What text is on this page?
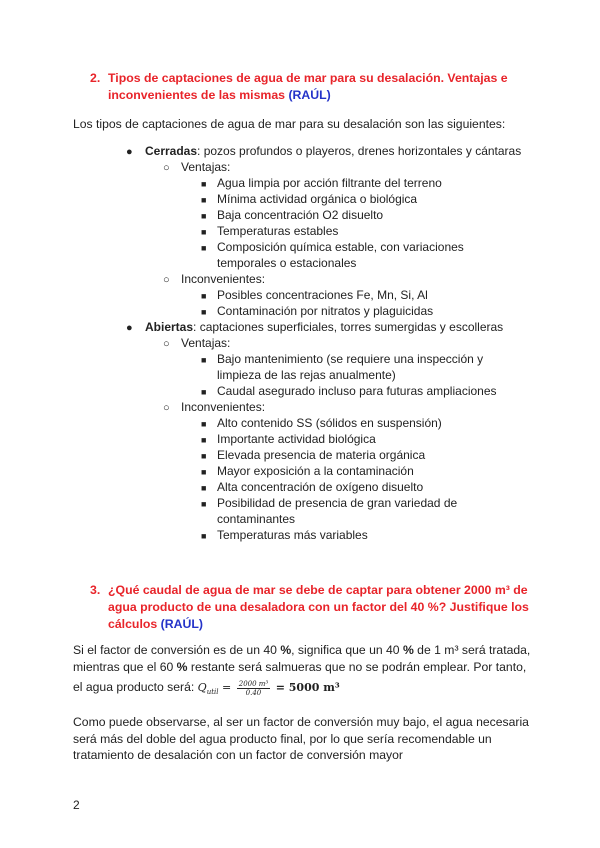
2. Tipos de captaciones de agua de mar para su desalación. Ventajas e inconvenientes de las mismas (RAÚL)
Los tipos de captaciones de agua de mar para su desalación son las siguientes:
● Cerradas: pozos profundos o playeros, drenes horizontales y cántaras
○ Ventajas:
■ Agua limpia por acción filtrante del terreno
■ Mínima actividad orgánica o biológica
■ Baja concentración O2 disuelto
■ Temperaturas estables
■ Composición química estable, con variaciones
temporales o estacionales
○ Inconvenientes:
■ Posibles concentraciones Fe, Mn, Si, Al
■ Contaminación por nitratos y plaguicidas
● Abiertas: captaciones superficiales, torres sumergidas y escolleras
○ Ventajas:
■ Bajo mantenimiento (se requiere una inspección y
limpieza de las rejas anualmente)
■ Caudal asegurado incluso para futuras ampliaciones
○ Inconvenientes:
■ Alto contenido SS (sólidos en suspensión)
■ Importante actividad biológica
■ Elevada presencia de materia orgánica
■ Mayor exposición a la contaminación
■ Alta concentración de oxígeno disuelto
■ Posibilidad de presencia de gran variedad de
contaminantes
■ Temperaturas más variables
3. ¿Qué caudal de agua de mar se debe de captar para obtener 2000 m³ de agua producto de una desaladora con un factor del 40 %? Justifique los cálculos (RAÚL)
Si el factor de conversión es de un 40 %, significa que un 40 % de 1 m³ será tratada,
mientras que el 60 % restante será salmueras que no se podrán emplear. Por tanto,
el agua producto será: $Q_{util} = \frac{\text{2000 m³}}{0.40} = 5000$ m³
Como puede observarse, al ser un factor de conversión muy bajo, el agua necesaria
será más del doble del agua producto final, por lo que sería recomendable un
tratamiento de desalación con un factor de conversión mayor
2
